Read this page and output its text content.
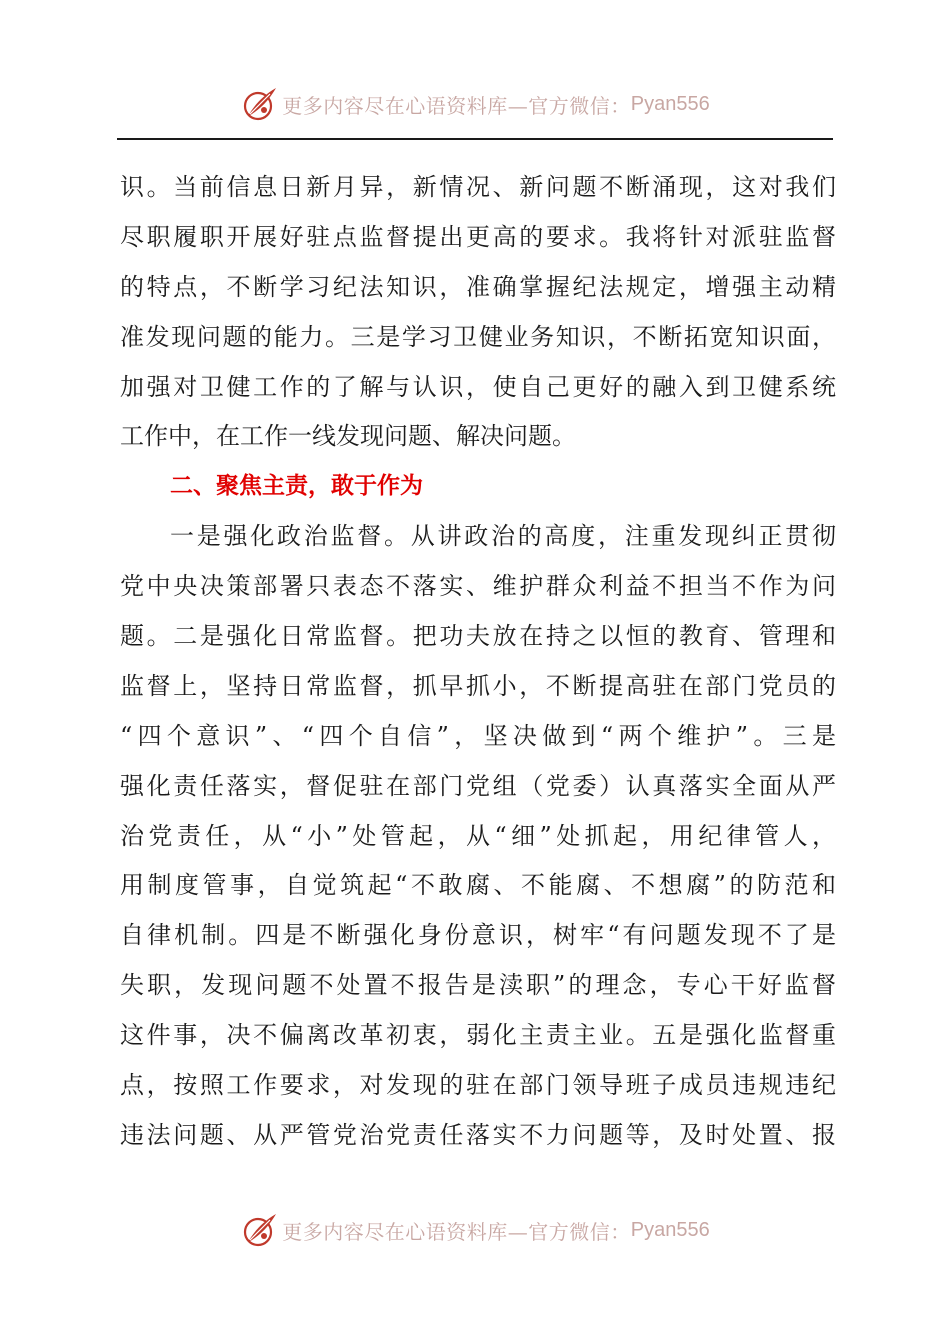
更多内容尽在心语资料库—官方微信： Pyan556
识。当前信息日新月异，新情况、新问题不断涌现，这对我们
尽职履职开展好驻点监督提出更高的要求。我将针对派驻监督
的特点，不断学习纪法知识，准确掌握纪法规定，增强主动精
准发现问题的能力。三是学习卫健业务知识，不断拓宽知识面，
加强对卫健工作的了解与认识，使自己更好的融入到卫健系统
工作中，在工作一线发现问题、解决问题。
二、聚焦主责，敢于作为
一是强化政治监督。从讲政治的高度，注重发现纠正贯彻
党中央决策部署只表态不落实、维护群众利益不担当不作为问
题。二是强化日常监督。把功夫放在持之以恒的教育、管理和
监督上，坚持日常监督，抓早抓小，不断提高驻在部门党员的
“四个意识”、“四个自信”，坚决做到“两个维护”。三是
强化责任落实，督促驻在部门党组（党委）认真落实全面从严
治党责任，从“小”处管起，从“细”处抓起，用纪律管人，
用制度管事，自觉筑起“不敢腐、不能腐、不想腐”的防范和
自律机制。四是不断强化身份意识，树牢“有问题发现不了是
失职，发现问题不处置不报告是渎职”的理念，专心干好监督
这件事，决不偏离改革初衷，弱化主责主业。五是强化监督重
点，按照工作要求，对发现的驻在部门领导班子成员违规违纪
违法问题、从严管党治党责任落实不力问题等，及时处置、报
更多内容尽在心语资料库—官方微信： Pyan556
